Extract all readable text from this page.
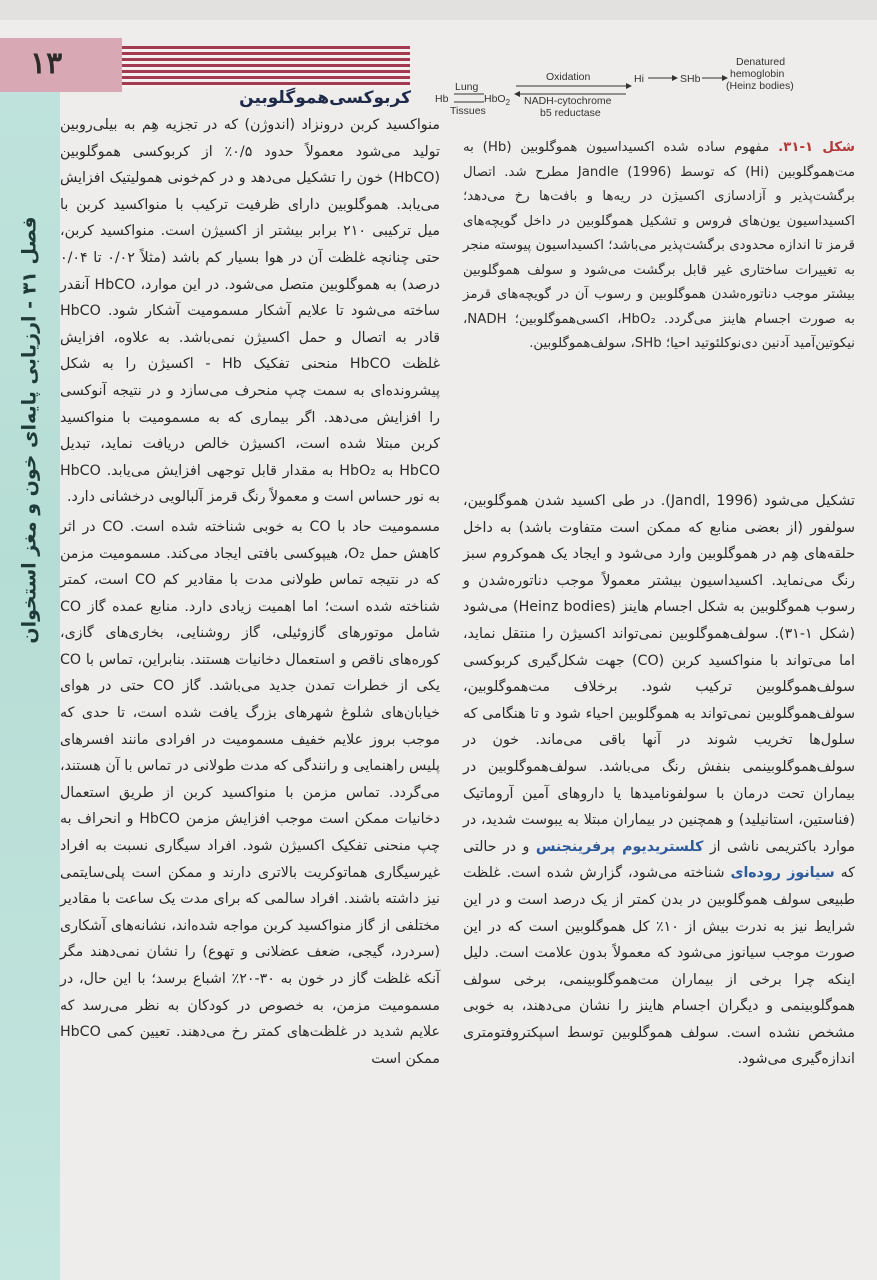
فصل ۳۱ - ارزیابی پایه‌ای خون و مغز استخوان
۱۳
Hb
Lung
Tissues
HbO$_2$
Oxidation
NADH-cytochrome
b5 reductase
Hi	SHb
Denatured
hemoglobin
(Heinz bodies)
کربوکسی‌هموگلوبین

منواکسید کربن درونزاد (اندوژن) که در تجزیه هِم به بیلی‌روبین تولید می‌شود معمولاً حدود ۰/۵٪ از کربوکسی هموگلوبین (HbCO) خون را تشکیل می‌دهد و در کم‌خونی همولیتیک افزایش می‌یابد. هموگلوبین دارای ظرفیت ترکیب با منواکسید کربن با میل ترکیبی ۲۱۰ برابر بیشتر از اکسیژن است. منواکسید کربن، حتی چنانچه غلظت آن در هوا بسیار کم باشد (مثلاً ۰/۰۲ تا ۰/۰۴ درصد) به هموگلوبین متصل می‌شود. در این موارد، HbCO آنقدر ساخته می‌شود تا علایم آشکار مسمومیت آشکار شود. HbCO قادر به اتصال و حمل اکسیژن نمی‌باشد. به علاوه، افزایش غلظت HbCO منحنی تفکیک Hb - اکسیژن را به شکل پیشرونده‌ای به سمت چپ منحرف می‌سازد و در نتیجه آنوکسی را افزایش می‌دهد. اگر بیماری که به مسمومیت با منواکسید کربن مبتلا شده است، اکسیژن خالص دریافت نماید، تبدیل HbCO به HbO₂ به مقدار قابل توجهی افزایش می‌یابد. HbCO به نور حساس است و معمولاً رنگ قرمز آلبالویی درخشانی دارد.

مسمومیت حاد با CO به خوبی شناخته شده است. CO در اثر کاهش حمل O₂، هیپوکسی بافتی ایجاد می‌کند. مسمومیت مزمن که در نتیجه تماس طولانی مدت با مقادیر کم CO است، کمتر شناخته شده است؛ اما اهمیت زیادی دارد. منابع عمده گاز CO شامل موتورهای گازوئیلی، گاز روشنایی، بخاری‌های گازی، کوره‌های ناقص و استعمال دخانیات هستند. بنابراین، تماس با CO یکی از خطرات تمدن جدید می‌باشد. گاز CO حتی در هوای خیابان‌های شلوغ شهرهای بزرگ یافت شده است، تا حدی که موجب بروز علایم خفیف مسمومیت در افرادی مانند افسرهای پلیس راهنمایی و رانندگی که مدت طولانی در تماس با آن هستند، می‌گردد. تماس مزمن با منواکسید کربن از طریق استعمال دخانیات ممکن است موجب افزایش مزمن HbCO و انحراف به چپ منحنی تفکیک اکسیژن شود. افراد سیگاری نسبت به افراد غیرسیگاری هماتوکریت بالاتری دارند و ممکن است پلی‌سایتمی نیز داشته باشند. افراد سالمی که برای مدت یک ساعت با مقادیر مختلفی از گاز منواکسید کربن مواجه شده‌اند، نشانه‌های آشکاری (سردرد، گیجی، ضعف عضلانی و تهوع) را نشان نمی‌دهند مگر آنکه غلظت گاز در خون به ۳۰-۲۰٪ اشباع برسد؛ با این حال، در مسمومیت مزمن، به خصوص در کودکان به نظر می‌رسد که علایم شدید در غلظت‌های کمتر رخ می‌دهند. تعیین کمی HbCO ممکن است

شکل ۱-۳۱. مفهوم ساده شده اکسیداسیون هموگلوبین (Hb) به مت‌هموگلوبین (Hi) که توسط Jandle (1996) مطرح شد. اتصال برگشت‌پذیر و آزادسازی اکسیژن در ریه‌ها و بافت‌ها رخ می‌دهد؛ اکسیداسیون یون‌های فروس و تشکیل هموگلوبین در داخل گویچه‌های قرمز تا اندازه محدودی برگشت‌پذیر می‌باشد؛ اکسیداسیون پیوسته منجر به تغییرات ساختاری غیر قابل برگشت می‌شود و سولف هموگلوبین بیشتر موجب دناتوره‌شدن هموگلوبین و رسوب آن در گویچه‌های قرمز به صورت اجسام هاینز می‌گردد. HbO₂، اکسی‌هموگلوبین؛ NADH، نیکوتین‌آمید آدنین دی‌نوکلئوتید احیا؛ SHb، سولف‌هموگلوبین.

تشکیل می‌شود (Jandl, 1996). در طی اکسید شدن هموگلوبین، سولفور (از بعضی منابع که ممکن است متفاوت باشد) به داخل حلقه‌های هِم در هموگلوبین وارد می‌شود و ایجاد یک هموکروم سبز رنگ می‌نماید. اکسیداسیون بیشتر معمولاً موجب دناتوره‌شدن و رسوب هموگلوبین به شکل اجسام هاینز (Heinz bodies) می‌شود (شکل ۱-۳۱). سولف‌هموگلوبین نمی‌تواند اکسیژن را منتقل نماید، اما می‌تواند با منواکسید کربن (CO) جهت شکل‌گیری کربوکسی سولف‌هموگلوبین ترکیب شود. برخلاف مت‌هموگلوبین، سولف‌هموگلوبین نمی‌تواند به هموگلوبین احیاء شود و تا هنگامی که سلول‌ها تخریب شوند در آنها باقی می‌ماند. خون در سولف‌هموگلوبینمی بنفش رنگ می‌باشد. سولف‌هموگلوبین در بیماران تحت درمان با سولفونامیدها یا داروهای آمین آروماتیک (فناستین، استانیلید) و همچنین در بیماران مبتلا به یبوست شدید، در موارد باکتریمی ناشی از کلستریدیوم پرفرینجنس و در حالتی که سیانوز روده‌ای شناخته می‌شود، گزارش شده است. غلظت طبیعی سولف هموگلوبین در بدن کمتر از یک درصد است و در این شرایط نیز به ندرت بیش از ۱۰٪ کل هموگلوبین است که در این صورت موجب سیانوز می‌شود که معمولاً بدون علامت است. دلیل اینکه چرا برخی از بیماران مت‌هموگلوبینمی، برخی سولف هموگلوبینمی و دیگران اجسام هاینز را نشان می‌دهند، به خوبی مشخص نشده است. سولف هموگلوبین توسط اسپکتروفتومتری اندازه‌گیری می‌شود.
